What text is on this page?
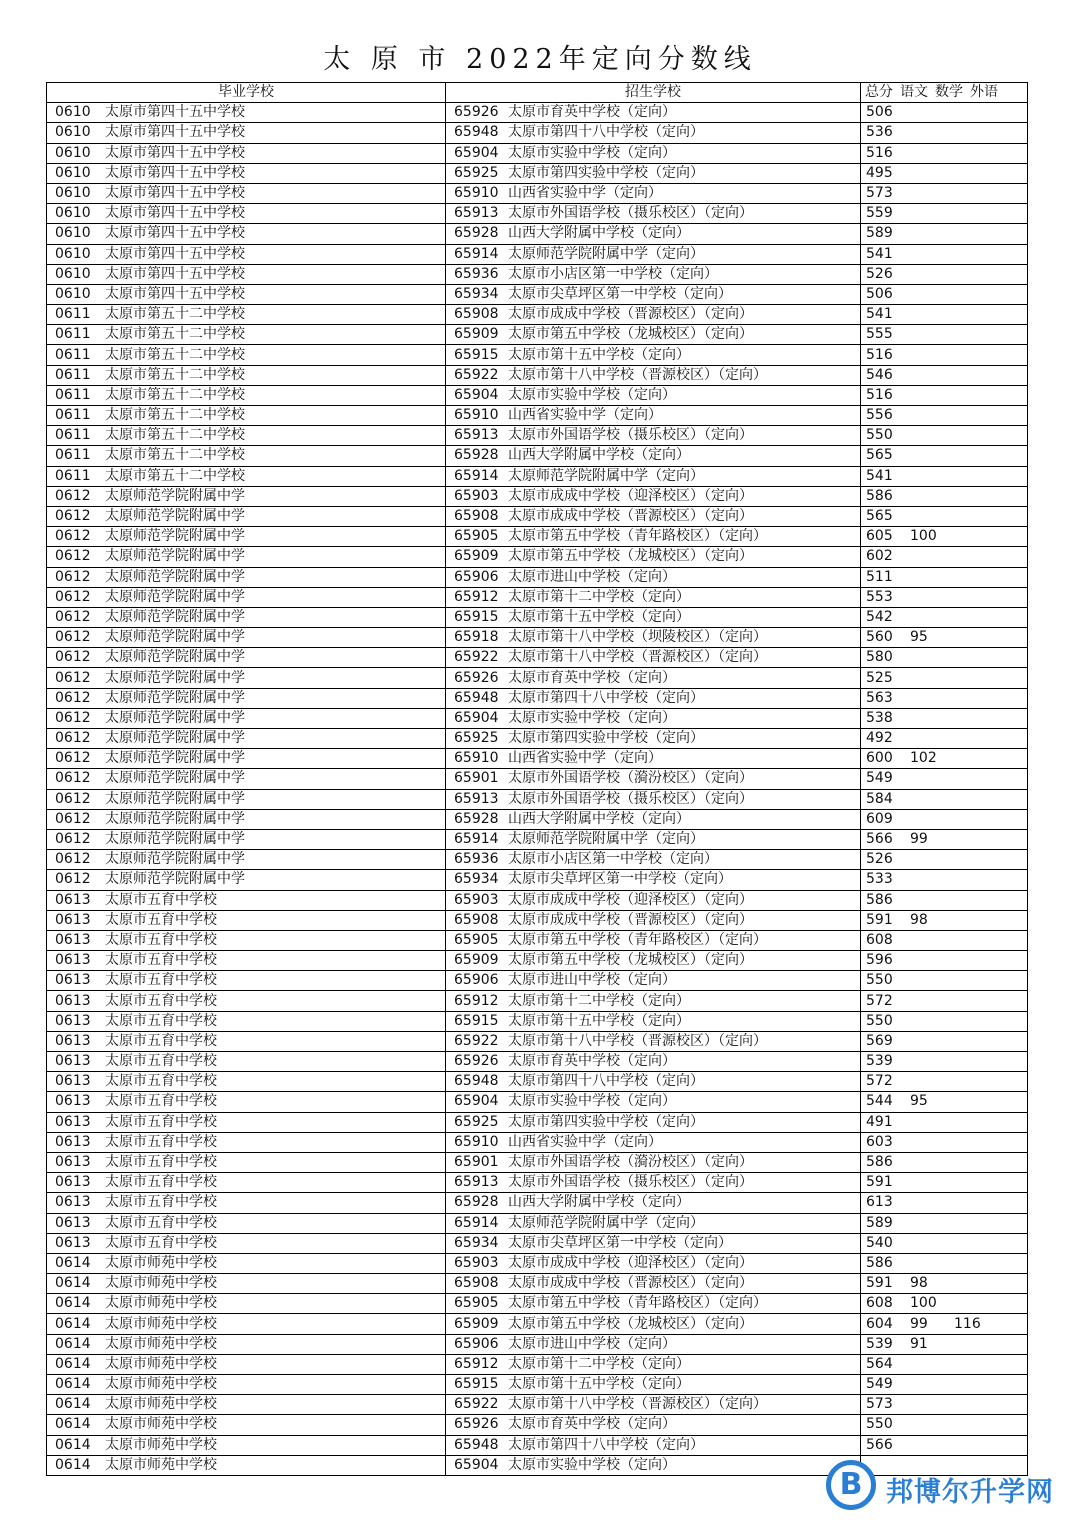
太 原 市 2022年定向分数线
毕业学校	招生学校	总分 语文 数学 外语
0610 太原市第四十五中学校	65926 太原市育英中学校（定向）	506
0610 太原市第四十五中学校	65948 太原市第四十八中学校（定向）	536
0610 太原市第四十五中学校	65904 太原市实验中学校（定向）	516
0610 太原市第四十五中学校	65925 太原市第四实验中学校（定向）	495
0610 太原市第四十五中学校	65910 山西省实验中学（定向）	573
0610 太原市第四十五中学校	65913 太原市外国语学校（摄乐校区）（定向）	559
0610 太原市第四十五中学校	65928 山西大学附属中学校（定向）	589
0610 太原市第四十五中学校	65914 太原师范学院附属中学（定向）	541
0610 太原市第四十五中学校	65936 太原市小店区第一中学校（定向）	526
0610 太原市第四十五中学校	65934 太原市尖草坪区第一中学校（定向）	506
0611 太原市第五十二中学校	65908 太原市成成中学校（晋源校区）（定向）	541
0611 太原市第五十二中学校	65909 太原市第五中学校（龙城校区）（定向）	555
0611 太原市第五十二中学校	65915 太原市第十五中学校（定向）	516
0611 太原市第五十二中学校	65922 太原市第十八中学校（晋源校区）（定向）	546
0611 太原市第五十二中学校	65904 太原市实验中学校（定向）	516
0611 太原市第五十二中学校	65910 山西省实验中学（定向）	556
0611 太原市第五十二中学校	65913 太原市外国语学校（摄乐校区）（定向）	550
0611 太原市第五十二中学校	65928 山西大学附属中学校（定向）	565
0611 太原市第五十二中学校	65914 太原师范学院附属中学（定向）	541
0612 太原师范学院附属中学	65903 太原市成成中学校（迎泽校区）（定向）	586
0612 太原师范学院附属中学	65908 太原市成成中学校（晋源校区）（定向）	565
0612 太原师范学院附属中学	65905 太原市第五中学校（青年路校区）（定向）	605 100
0612 太原师范学院附属中学	65909 太原市第五中学校（龙城校区）（定向）	602
0612 太原师范学院附属中学	65906 太原市进山中学校（定向）	511
0612 太原师范学院附属中学	65912 太原市第十二中学校（定向）	553
0612 太原师范学院附属中学	65915 太原市第十五中学校（定向）	542
0612 太原师范学院附属中学	65918 太原市第十八中学校（坝陵校区）（定向）	560 95
0612 太原师范学院附属中学	65922 太原市第十八中学校（晋源校区）（定向）	580
0612 太原师范学院附属中学	65926 太原市育英中学校（定向）	525
0612 太原师范学院附属中学	65948 太原市第四十八中学校（定向）	563
0612 太原师范学院附属中学	65904 太原市实验中学校（定向）	538
0612 太原师范学院附属中学	65925 太原市第四实验中学校（定向）	492
0612 太原师范学院附属中学	65910 山西省实验中学（定向）	600 102
0612 太原师范学院附属中学	65901 太原市外国语学校（漪汾校区）（定向）	549
0612 太原师范学院附属中学	65913 太原市外国语学校（摄乐校区）（定向）	584
0612 太原师范学院附属中学	65928 山西大学附属中学校（定向）	609
0612 太原师范学院附属中学	65914 太原师范学院附属中学（定向）	566 99
0612 太原师范学院附属中学	65936 太原市小店区第一中学校（定向）	526
0612 太原师范学院附属中学	65934 太原市尖草坪区第一中学校（定向）	533
0613 太原市五育中学校	65903 太原市成成中学校（迎泽校区）（定向）	586
0613 太原市五育中学校	65908 太原市成成中学校（晋源校区）（定向）	591 98
0613 太原市五育中学校	65905 太原市第五中学校（青年路校区）（定向）	608
0613 太原市五育中学校	65909 太原市第五中学校（龙城校区）（定向）	596
0613 太原市五育中学校	65906 太原市进山中学校（定向）	550
0613 太原市五育中学校	65912 太原市第十二中学校（定向）	572
0613 太原市五育中学校	65915 太原市第十五中学校（定向）	550
0613 太原市五育中学校	65922 太原市第十八中学校（晋源校区）（定向）	569
0613 太原市五育中学校	65926 太原市育英中学校（定向）	539
0613 太原市五育中学校	65948 太原市第四十八中学校（定向）	572
0613 太原市五育中学校	65904 太原市实验中学校（定向）	544 95
0613 太原市五育中学校	65925 太原市第四实验中学校（定向）	491
0613 太原市五育中学校	65910 山西省实验中学（定向）	603
0613 太原市五育中学校	65901 太原市外国语学校（漪汾校区）（定向）	586
0613 太原市五育中学校	65913 太原市外国语学校（摄乐校区）（定向）	591
0613 太原市五育中学校	65928 山西大学附属中学校（定向）	613
0613 太原市五育中学校	65914 太原师范学院附属中学（定向）	589
0613 太原市五育中学校	65934 太原市尖草坪区第一中学校（定向）	540
0614 太原市师苑中学校	65903 太原市成成中学校（迎泽校区）（定向）	586
0614 太原市师苑中学校	65908 太原市成成中学校（晋源校区）（定向）	591 98
0614 太原市师苑中学校	65905 太原市第五中学校（青年路校区）（定向）	608 100
0614 太原市师苑中学校	65909 太原市第五中学校（龙城校区）（定向）	604 99 116
0614 太原市师苑中学校	65906 太原市进山中学校（定向）	539 91
0614 太原市师苑中学校	65912 太原市第十二中学校（定向）	564
0614 太原市师苑中学校	65915 太原市第十五中学校（定向）	549
0614 太原市师苑中学校	65922 太原市第十八中学校（晋源校区）（定向）	573
0614 太原市师苑中学校	65926 太原市育英中学校（定向）	550
0614 太原市师苑中学校	65948 太原市第四十八中学校（定向）	566
0614 太原市师苑中学校	65904 太原市实验中学校（定向）	
B 邦博尔升学网
